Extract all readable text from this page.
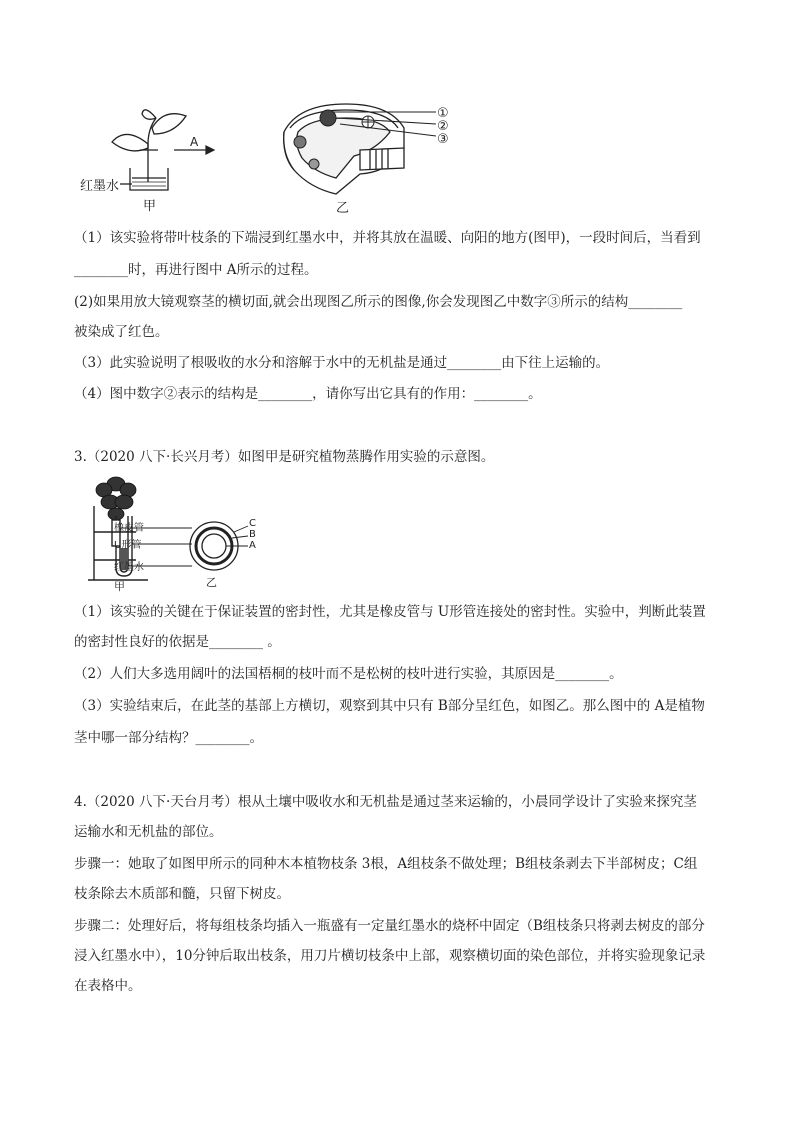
A
红墨水
甲
①
②
③
乙
（1）该实验将带叶枝条的下端浸到红墨水中，并将其放在温暖、向阳的地方(图甲)，一段时间后，当看到
________时，再进行图中 A所示的过程。
(2)如果用放大镜观察茎的横切面,就会出现图乙所示的图像,你会发现图乙中数字③所示的结构________
被染成了红色。
（3）此实验说明了根吸收的水分和溶解于水中的无机盐是通过________由下往上运输的。
（4）图中数字②表示的结构是________，请你写出它具有的作用：________。
3.（2020 八下·长兴月考）如图甲是研究植物蒸腾作用实验的示意图。
橡皮管
U形管
红墨水
甲
C
B
A
乙
（1）该实验的关键在于保证装置的密封性，尤其是橡皮管与 U形管连接处的密封性。实验中，判断此装置
的密封性良好的依据是________ 。
（2）人们大多选用阔叶的法国梧桐的枝叶而不是松树的枝叶进行实验，其原因是________。
（3）实验结束后，在此茎的基部上方横切，观察到其中只有 B部分呈红色，如图乙。那么图中的 A是植物
茎中哪一部分结构？________。
4.（2020 八下·天台月考）根从土壤中吸收水和无机盐是通过茎来运输的，小晨同学设计了实验来探究茎
运输水和无机盐的部位。
步骤一：她取了如图甲所示的同种木本植物枝条 3根，A组枝条不做处理；B组枝条剥去下半部树皮；C组
枝条除去木质部和髓，只留下树皮。
步骤二：处理好后，将每组枝条均插入一瓶盛有一定量红墨水的烧杯中固定（B组枝条只将剥去树皮的部分
浸入红墨水中），10分钟后取出枝条，用刀片横切枝条中上部，观察横切面的染色部位，并将实验现象记录
在表格中。
